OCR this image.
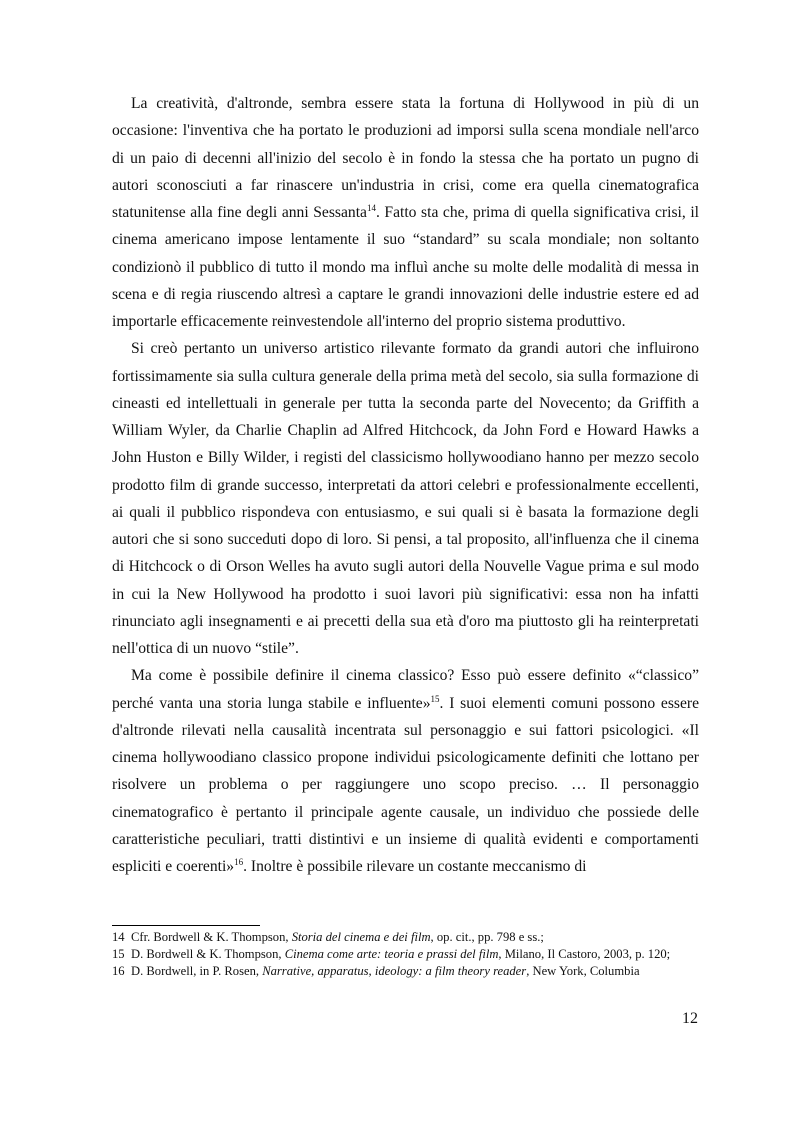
La creatività, d'altronde, sembra essere stata la fortuna di Hollywood in più di un occasione: l'inventiva che ha portato le produzioni ad imporsi sulla scena mondiale nell'arco di un paio di decenni all'inizio del secolo è in fondo la stessa che ha portato un pugno di autori sconosciuti a far rinascere un'industria in crisi, come era quella cinematografica statunitense alla fine degli anni Sessanta$^{14}$. Fatto sta che, prima di quella significativa crisi, il cinema americano impose lentamente il suo “standard” su scala mondiale; non soltanto condizionò il pubblico di tutto il mondo ma influì anche su molte delle modalità di messa in scena e di regia riuscendo altresì a captare le grandi innovazioni delle industrie estere ed ad importarle efficacemente reinvestendole all'interno del proprio sistema produttivo.

Si creò pertanto un universo artistico rilevante formato da grandi autori che influirono fortissimamente sia sulla cultura generale della prima metà del secolo, sia sulla formazione di cineasti ed intellettuali in generale per tutta la seconda parte del Novecento; da Griffith a William Wyler, da Charlie Chaplin ad Alfred Hitchcock, da John Ford e Howard Hawks a John Huston e Billy Wilder, i registi del classicismo hollywoodiano hanno per mezzo secolo prodotto film di grande successo, interpretati da attori celebri e professionalmente eccellenti, ai quali il pubblico rispondeva con entusiasmo, e sui quali si è basata la formazione degli autori che si sono succeduti dopo di loro. Si pensi, a tal proposito, all'influenza che il cinema di Hitchcock o di Orson Welles ha avuto sugli autori della Nouvelle Vague prima e sul modo in cui la New Hollywood ha prodotto i suoi lavori più significativi: essa non ha infatti rinunciato agli insegnamenti e ai precetti della sua età d'oro ma piuttosto gli ha reinterpretati nell'ottica di un nuovo “stile”.

Ma come è possibile definire il cinema classico? Esso può essere definito «“classico” perché vanta una storia lunga stabile e influente»$^{15}$. I suoi elementi comuni possono essere d'altronde rilevati nella causalità incentrata sul personaggio e sui fattori psicologici. «Il cinema hollywoodiano classico propone individui psicologicamente definiti che lottano per risolvere un problema o per raggiungere uno scopo preciso. … Il personaggio cinematografico è pertanto il principale agente causale, un individuo che possiede delle caratteristiche peculiari, tratti distintivi e un insieme di qualità evidenti e comportamenti espliciti e coerenti»$^{16}$. Inoltre è possibile rilevare un costante meccanismo di

14 Cfr. Bordwell & K. Thompson, Storia del cinema e dei film, op. cit., pp. 798 e ss.;
15 D. Bordwell & K. Thompson, Cinema come arte: teoria e prassi del film, Milano, Il Castoro, 2003, p. 120;
16 D. Bordwell, in P. Rosen, Narrative, apparatus, ideology: a film theory reader, New York, Columbia
12
